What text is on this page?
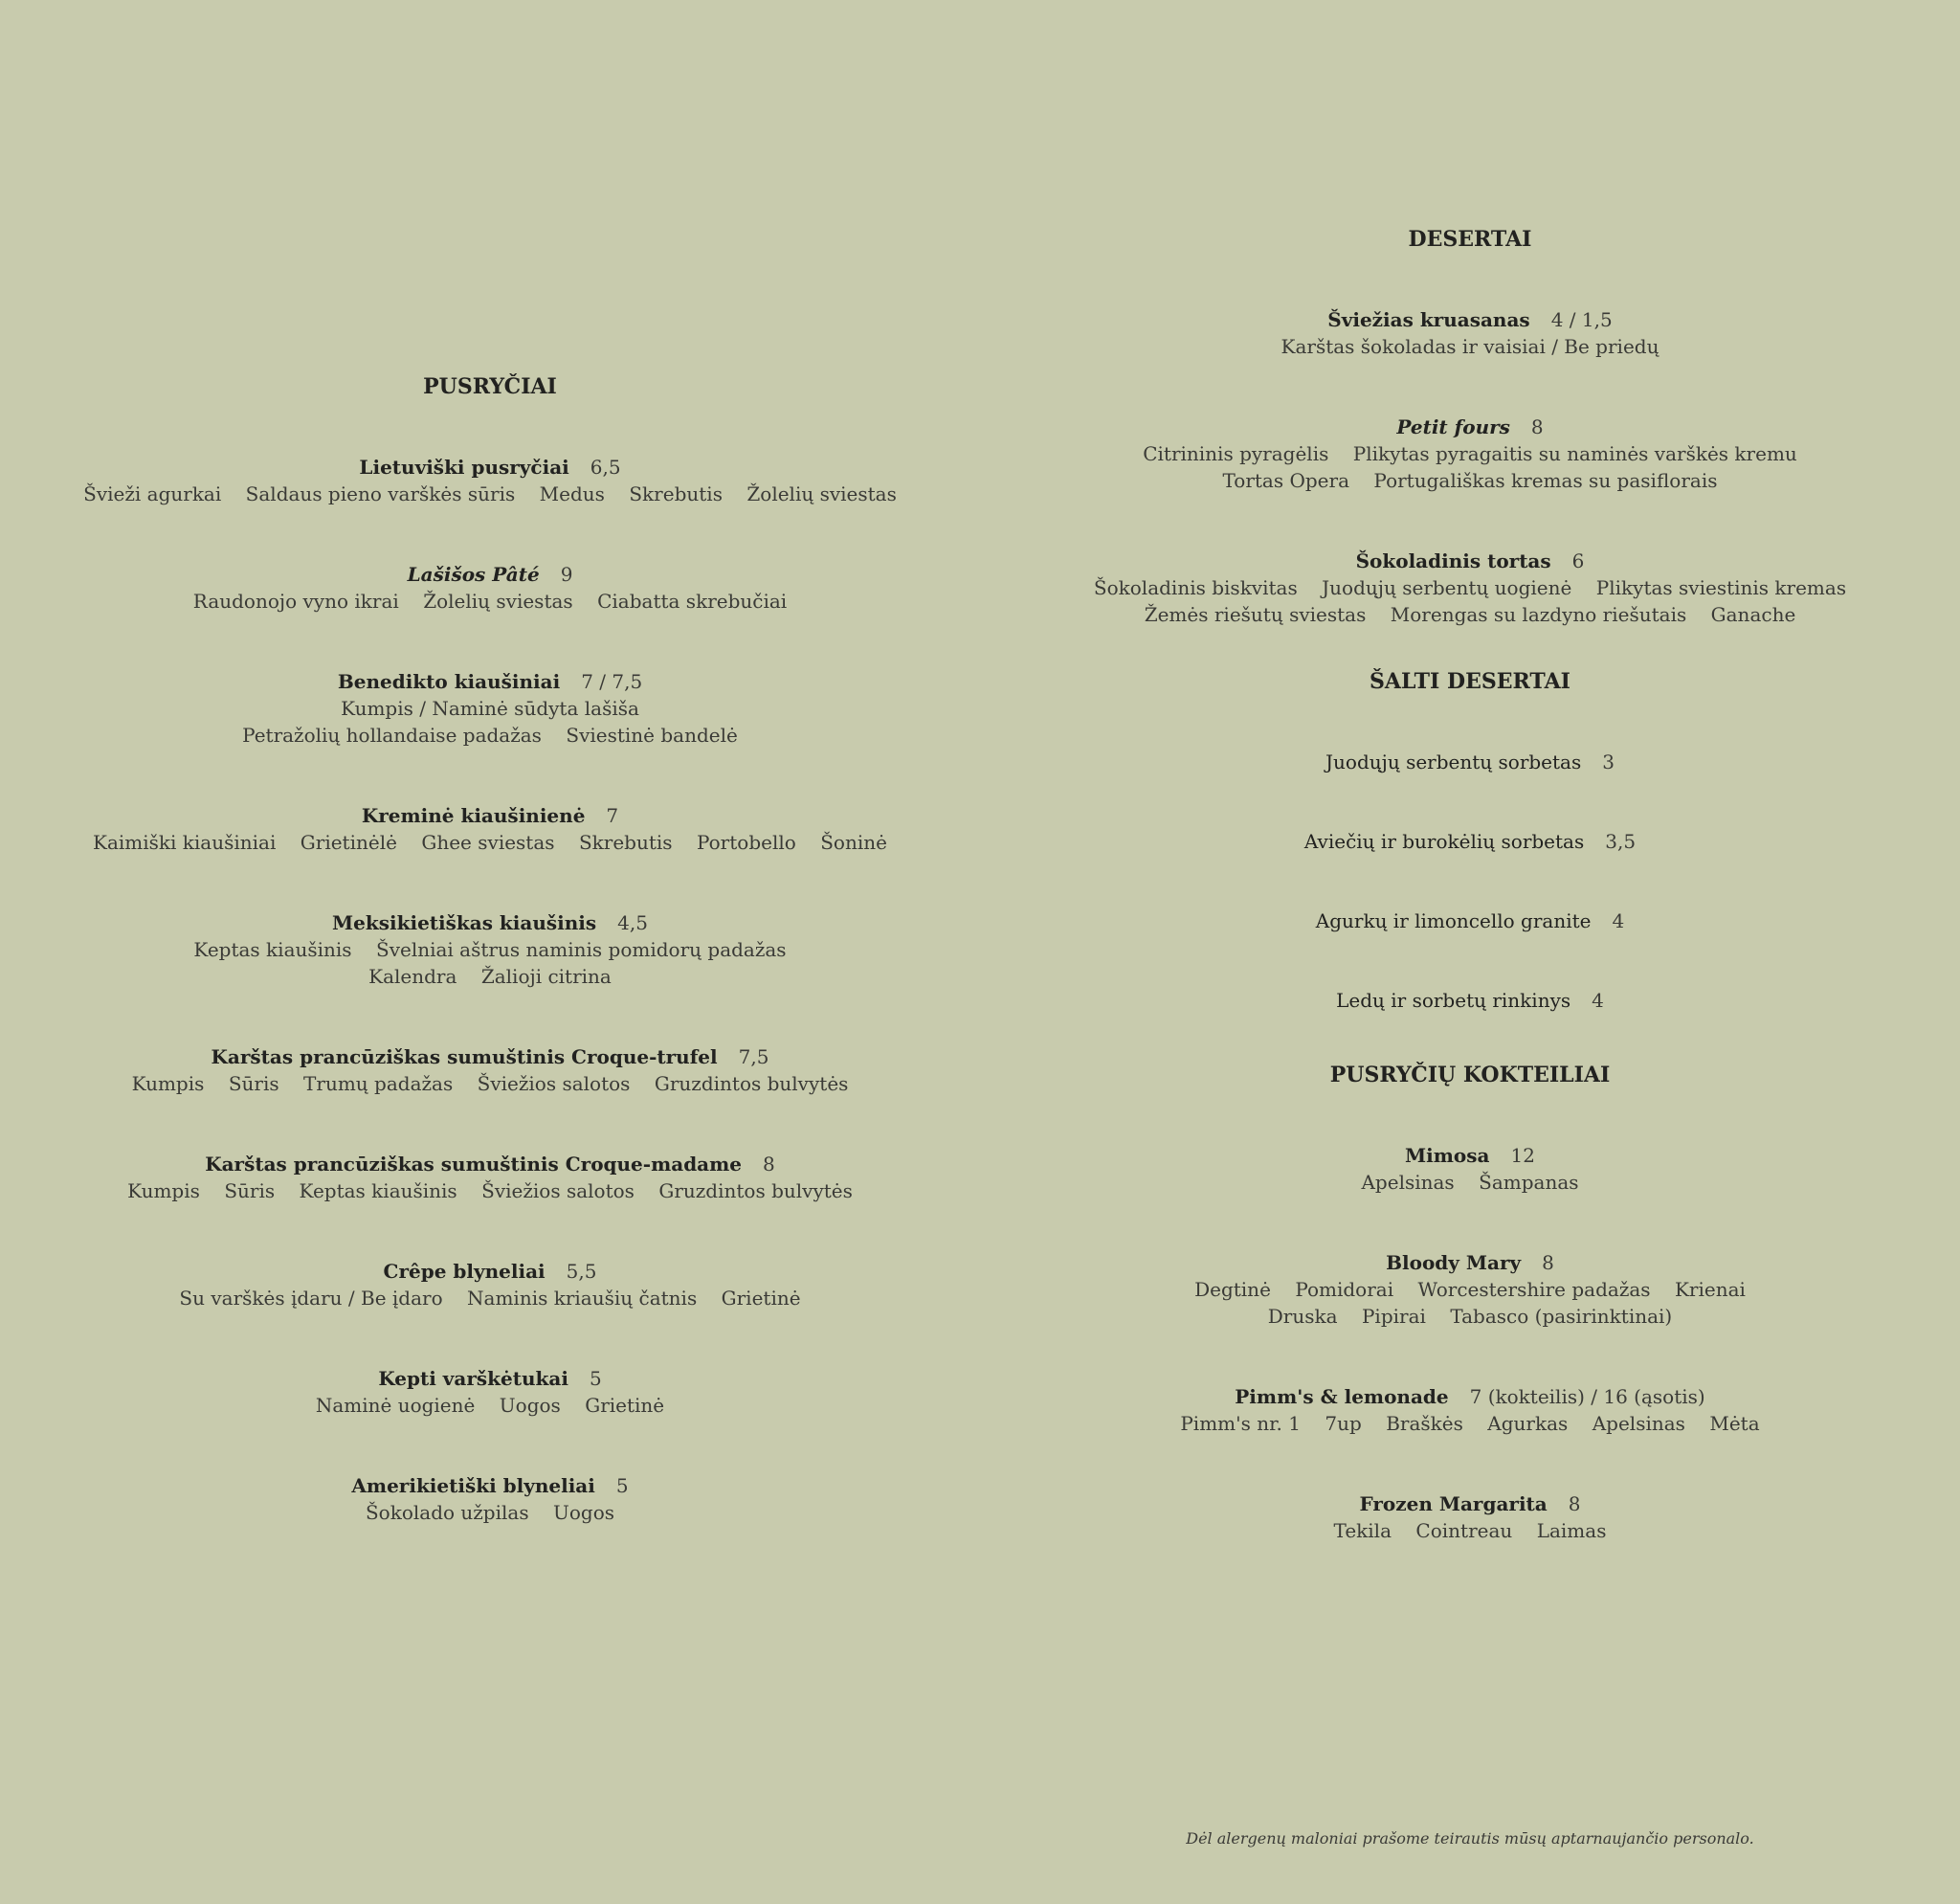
PUSRYČIAI
Lietuviški pusryčiai 6,5
Švieži agurkai    Saldaus pieno varškės sūris    Medus    Skrebutis    Žolelių sviestas
Lašišos Pâté 9
Raudonojo vyno ikrai    Žolelių sviestas    Ciabatta skrebučiai
Benedikto kiaušiniai 7 / 7,5
Kumpis / Naminė sūdyta lašiša
Petražolių hollandaise padažas    Sviestinė bandelė
Kreminė kiaušinienė 7
Kaimiški kiaušiniai    Grietinėlė    Ghee sviestas    Skrebutis    Portobello    Šoninė
Meksikietiškas kiaušinis 4,5
Keptas kiaušinis    Švelniai aštrus naminis pomidorų padažas
Kalendra    Žalioji citrina
Karštas prancūziškas sumuštinis Croque-trufel 7,5
Kumpis    Sūris    Trumų padažas    Šviežios salotos    Gruzdintos bulvytės
Karštas prancūziškas sumuštinis Croque-madame 8
Kumpis    Sūris    Keptas kiaušinis    Šviežios salotos    Gruzdintos bulvytės
Crêpe blyneliai 5,5
Su varškės įdaru / Be įdaro    Naminis kriaušių čatnis    Grietinė
Kepti varškėtukai 5
Naminė uogienė    Uogos    Grietinė
Amerikietiški blyneliai 5
Šokolado užpilas    Uogos
DESERTAI
Šviežias kruasanas 4 / 1,5
Karštas šokoladas ir vaisiai / Be priedų
Petit fours 8
Citrininis pyragėlis    Plikytas pyragaitis su naminės varškės kremu
Tortas Opera    Portugališkas kremas su pasiflorais
Šokoladinis tortas 6
Šokoladinis biskvitas    Juodųjų serbentų uogienė    Plikytas sviestinis kremas
Žemės riešutų sviestas    Morengas su lazdyno riešutais    Ganache
ŠALTI DESERTAI
Juodųjų serbentų sorbetas 3
Aviečių ir burokėlių sorbetas 3,5
Agurkų ir limoncello granite 4
Ledų ir sorbetų rinkinys 4
PUSRYČIŲ KOKTEILIAI
Mimosa 12
Apelsinas    Šampanas
Bloody Mary 8
Degtinė    Pomidorai    Worcestershire padažas    Krienai
Druska    Pipirai    Tabasco (pasirinktinai)
Pimm's & lemonade 7 (kokteilis) / 16 (ąsotis)
Pimm's nr. 1    7up    Braškės    Agurkas    Apelsinas    Mėta
Frozen Margarita 8
Tekila    Cointreau    Laimas
Dėl alergenų maloniai prašome teirautis mūsų aptarnaujančio personalo.
